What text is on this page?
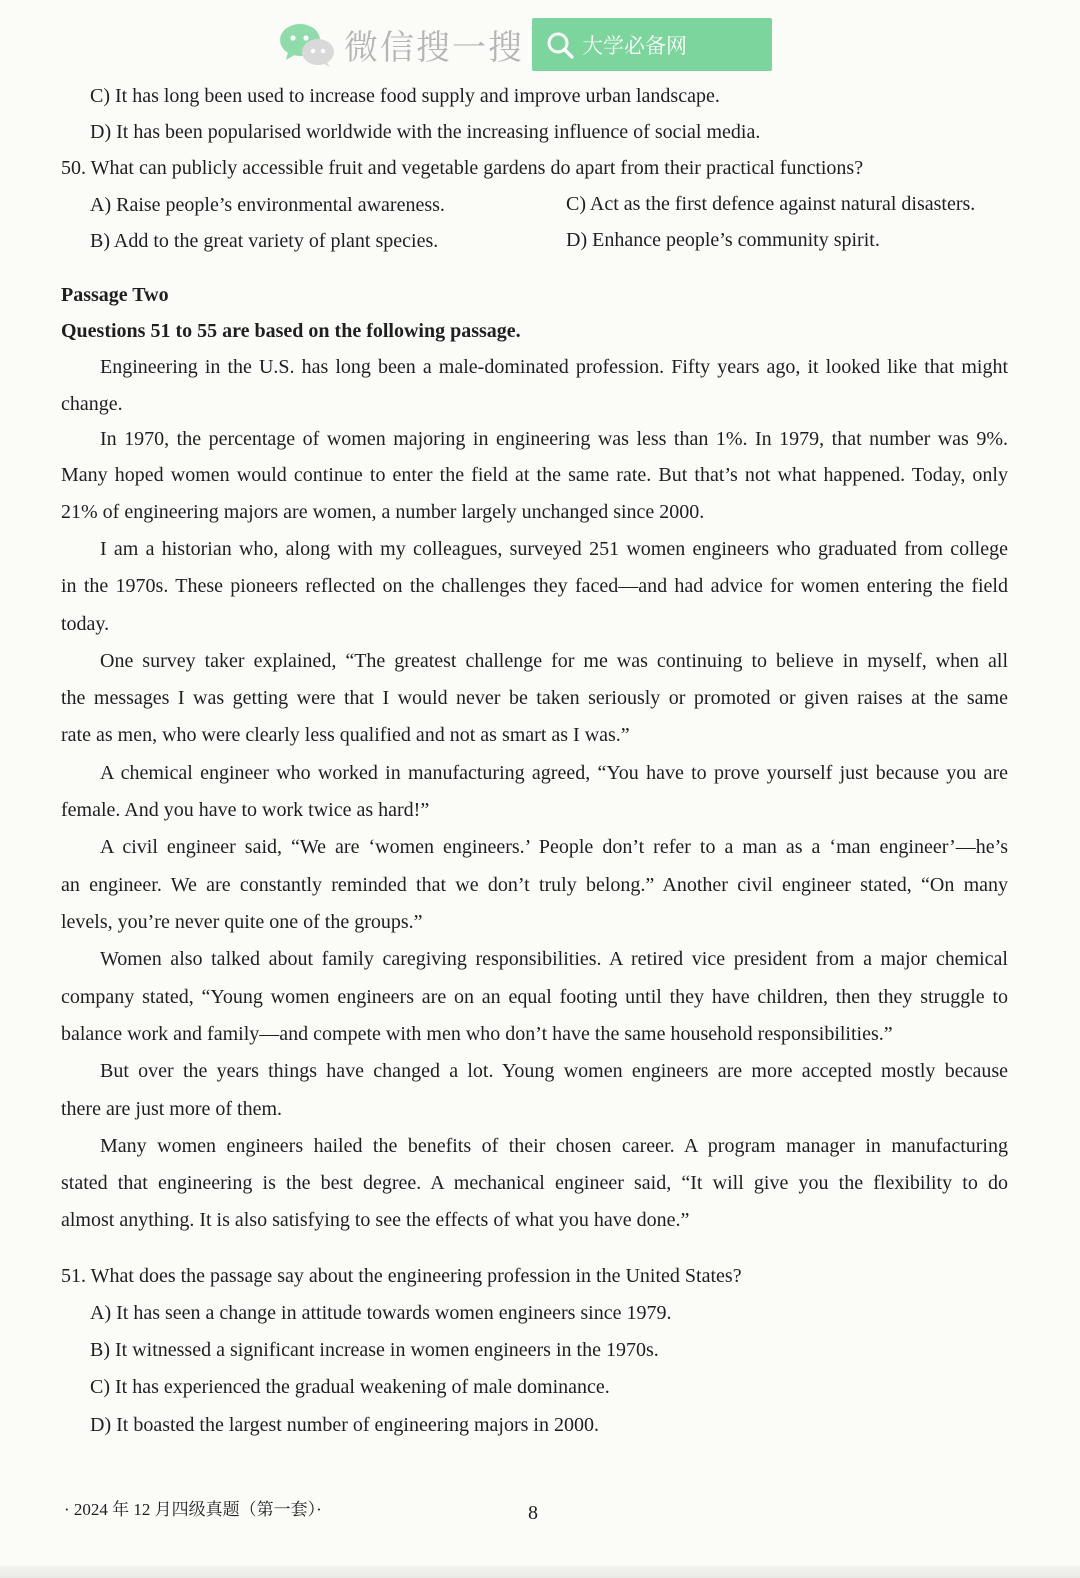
微信搜一搜	大学必备网
C) It has long been used to increase food supply and improve urban landscape.
D) It has been popularised worldwide with the increasing influence of social media.
50. What can publicly accessible fruit and vegetable gardens do apart from their practical functions?
A) Raise people’s environmental awareness.	C) Act as the first defence against natural disasters.
B) Add to the great variety of plant species.	D) Enhance people’s community spirit.
Passage Two
Questions 51 to 55 are based on the following passage.
Engineering in the U.S. has long been a male-dominated profession. Fifty years ago, it looked like that might
change.
In 1970, the percentage of women majoring in engineering was less than 1%. In 1979, that number was 9%.
Many hoped women would continue to enter the field at the same rate. But that’s not what happened. Today, only
21% of engineering majors are women, a number largely unchanged since 2000.
I am a historian who, along with my colleagues, surveyed 251 women engineers who graduated from college
in the 1970s. These pioneers reflected on the challenges they faced—and had advice for women entering the field
today.
One survey taker explained, “The greatest challenge for me was continuing to believe in myself, when all
the messages I was getting were that I would never be taken seriously or promoted or given raises at the same
rate as men, who were clearly less qualified and not as smart as I was.”
A chemical engineer who worked in manufacturing agreed, “You have to prove yourself just because you are
female. And you have to work twice as hard!”
A civil engineer said, “We are ‘women engineers.’ People don’t refer to a man as a ‘man engineer’—he’s
an engineer. We are constantly reminded that we don’t truly belong.” Another civil engineer stated, “On many
levels, you’re never quite one of the groups.”
Women also talked about family caregiving responsibilities. A retired vice president from a major chemical
company stated, “Young women engineers are on an equal footing until they have children, then they struggle to
balance work and family—and compete with men who don’t have the same household responsibilities.”
But over the years things have changed a lot. Young women engineers are more accepted mostly because
there are just more of them.
Many women engineers hailed the benefits of their chosen career. A program manager in manufacturing
stated that engineering is the best degree. A mechanical engineer said, “It will give you the flexibility to do
almost anything. It is also satisfying to see the effects of what you have done.”
51. What does the passage say about the engineering profession in the United States?
A) It has seen a change in attitude towards women engineers since 1979.
B) It witnessed a significant increase in women engineers in the 1970s.
C) It has experienced the gradual weakening of male dominance.
D) It boasted the largest number of engineering majors in 2000.
· 2024 年 12 月四级真题（第一套）·	8
